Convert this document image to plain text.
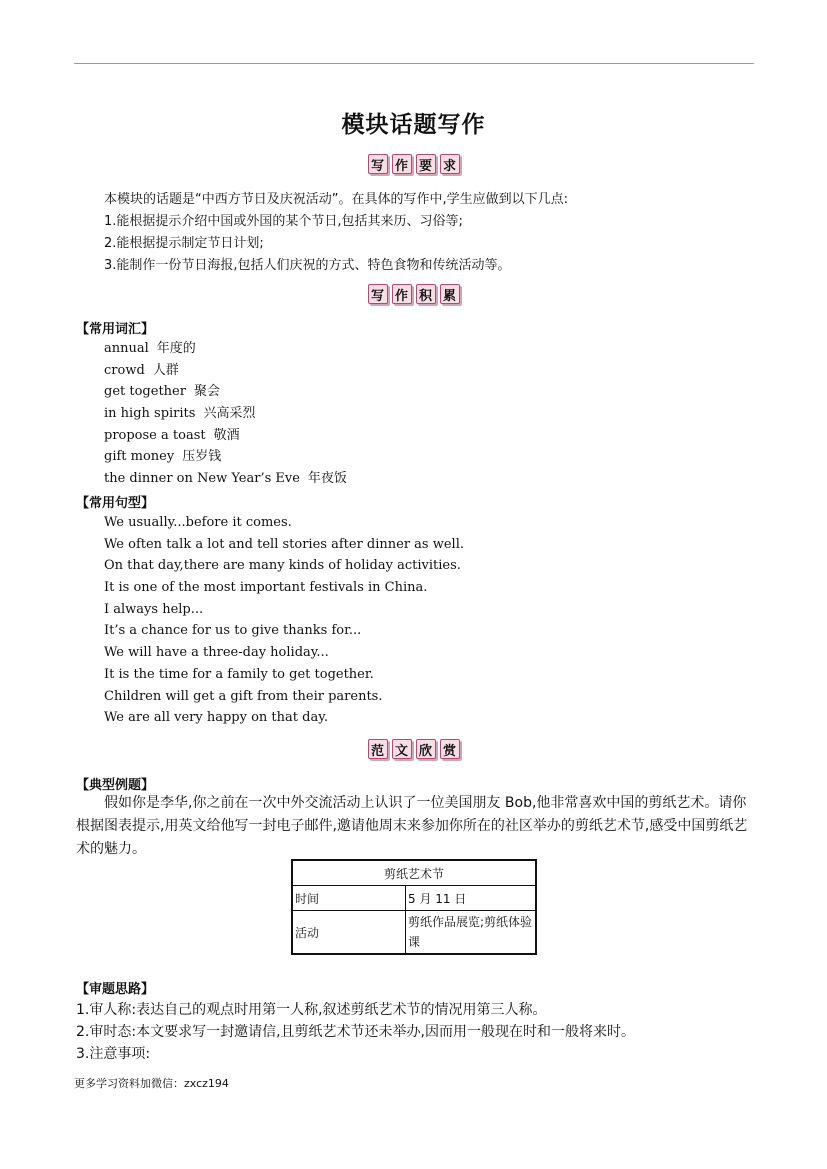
模块话题写作
写 作 要 求
本模块的话题是“中西方节日及庆祝活动”。在具体的写作中,学生应做到以下几点:
1.能根据提示介绍中国或外国的某个节日,包括其来历、习俗等;
2.能根据提示制定节日计划;
3.能制作一份节日海报,包括人们庆祝的方式、特色食物和传统活动等。
写 作 积 累
【常用词汇】
annual 年度的
crowd 人群
get together 聚会
in high spirits 兴高采烈
propose a toast 敬酒
gift money 压岁钱
the dinner on New Year’s Eve 年夜饭
【常用句型】
We usually...before it comes.
We often talk a lot and tell stories after dinner as well.
On that day,there are many kinds of holiday activities.
It is one of the most important festivals in China.
I always help...
It’s a chance for us to give thanks for...
We will have a three-day holiday...
It is the time for a family to get together.
Children will get a gift from their parents.
We are all very happy on that day.
范 文 欣 赏
【典型例题】

假如你是李华,你之前在一次中外交流活动上认识了一位美国朋友 Bob,他非常喜欢中国的剪纸艺术。请你根据图表提示,用英文给他写一封电子邮件,邀请他周末来参加你所在的社区举办的剪纸艺术节,感受中国剪纸艺术的魅力。

剪纸艺术节	
时间	5 月 11 日
活动	剪纸作品展览;剪纸体验课
【审题思路】
1.审人称:表达自己的观点时用第一人称,叙述剪纸艺术节的情况用第三人称。
2.审时态:本文要求写一封邀请信,且剪纸艺术节还未举办,因而用一般现在时和一般将来时。
3.注意事项:
更多学习资料加微信：zxcz194
